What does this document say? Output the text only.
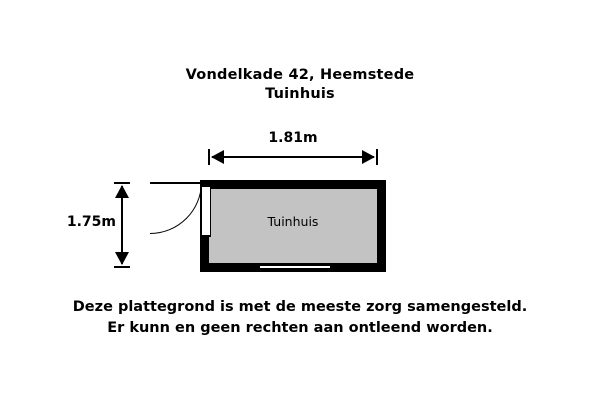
Vondelkade 42, Heemstede
Tuinhuis
1.81m
1.75m	Tuinhuis
Deze plattegrond is met de meeste zorg samengesteld.
Er kunn en geen rechten aan ontleend worden.
